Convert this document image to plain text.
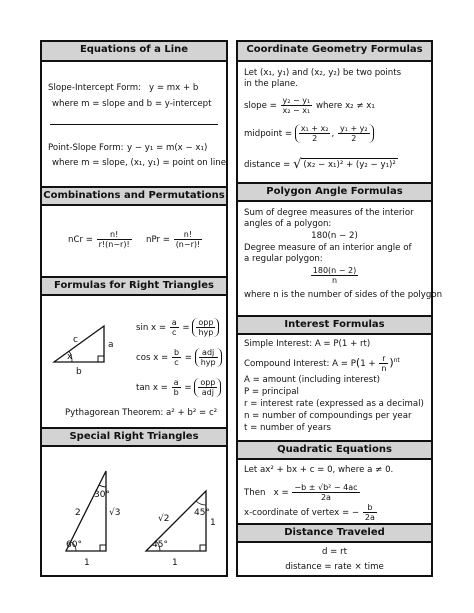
Equations of a Line
Slope-Intercept Form: y = mx + b
where m = slope and b = y-intercept
Point-Slope Form: y − y₁ = m(x − x₁)
where m = slope, (x₁, y₁) = point on line
Combinations and Permutations
nCr = $\frac{n!}{r!(n-r)!}$ nPr = $\frac{n!}{(n-r)!}$
Formulas for Right Triangles
c	a
b
x
$\sin x = \frac{a}{c} = \frac{\text{opp}}{\text{hyp}}$
$\cos x = \frac{b}{c} = \frac{\text{adj}}{\text{hyp}}$
$\tan x = \frac{a}{b} = \frac{\text{opp}}{\text{adj}}$
Pythagorean Theorem: a² + b² = c²
Special Right Triangles
2	√3
1
30°
60°
√2	1
1
45°
45°
Coordinate Geometry Formulas
Let (x₁, y₁) and (x₂, y₂) be two points
in the plane.
slope = $\frac{\text{y₂ − y₁}}{\text{x₂ − x₁}}$ where x₂ ≠ x₁
midpoint = $\frac{\text{x₁ + x₂}}{2}$ , $\frac{\text{y₁ + y₂}}{2}$
distance = √ (x₂ − x₁)² + (y₂ − y₁)²
Polygon Angle Formulas
Sum of degree measures of the interior
angles of a polygon:
180(n − 2)
Degree measure of an interior angle of
a regular polygon:
$\frac{180(n - 2)}{n}$
where n is the number of sides of the polygon
Interest Formulas
Simple Interest: A = P(1 + rt)
Compound Interest: $A = P(1 + \frac{r}{n} )^{nt}$
A = amount (including interest)
P = principal
r = interest rate (expressed as a decimal)
n = number of compoundings per year
t = number of years
Quadratic Equations
Let ax² + bx + c = 0, where a ≠ 0.
Then $x = \frac{\text{−b ± √b² − 4ac}}{2a}$
x-coordinate of vertex = − $\frac{b}{2a}$
Distance Traveled
d = rt
distance = rate × time
